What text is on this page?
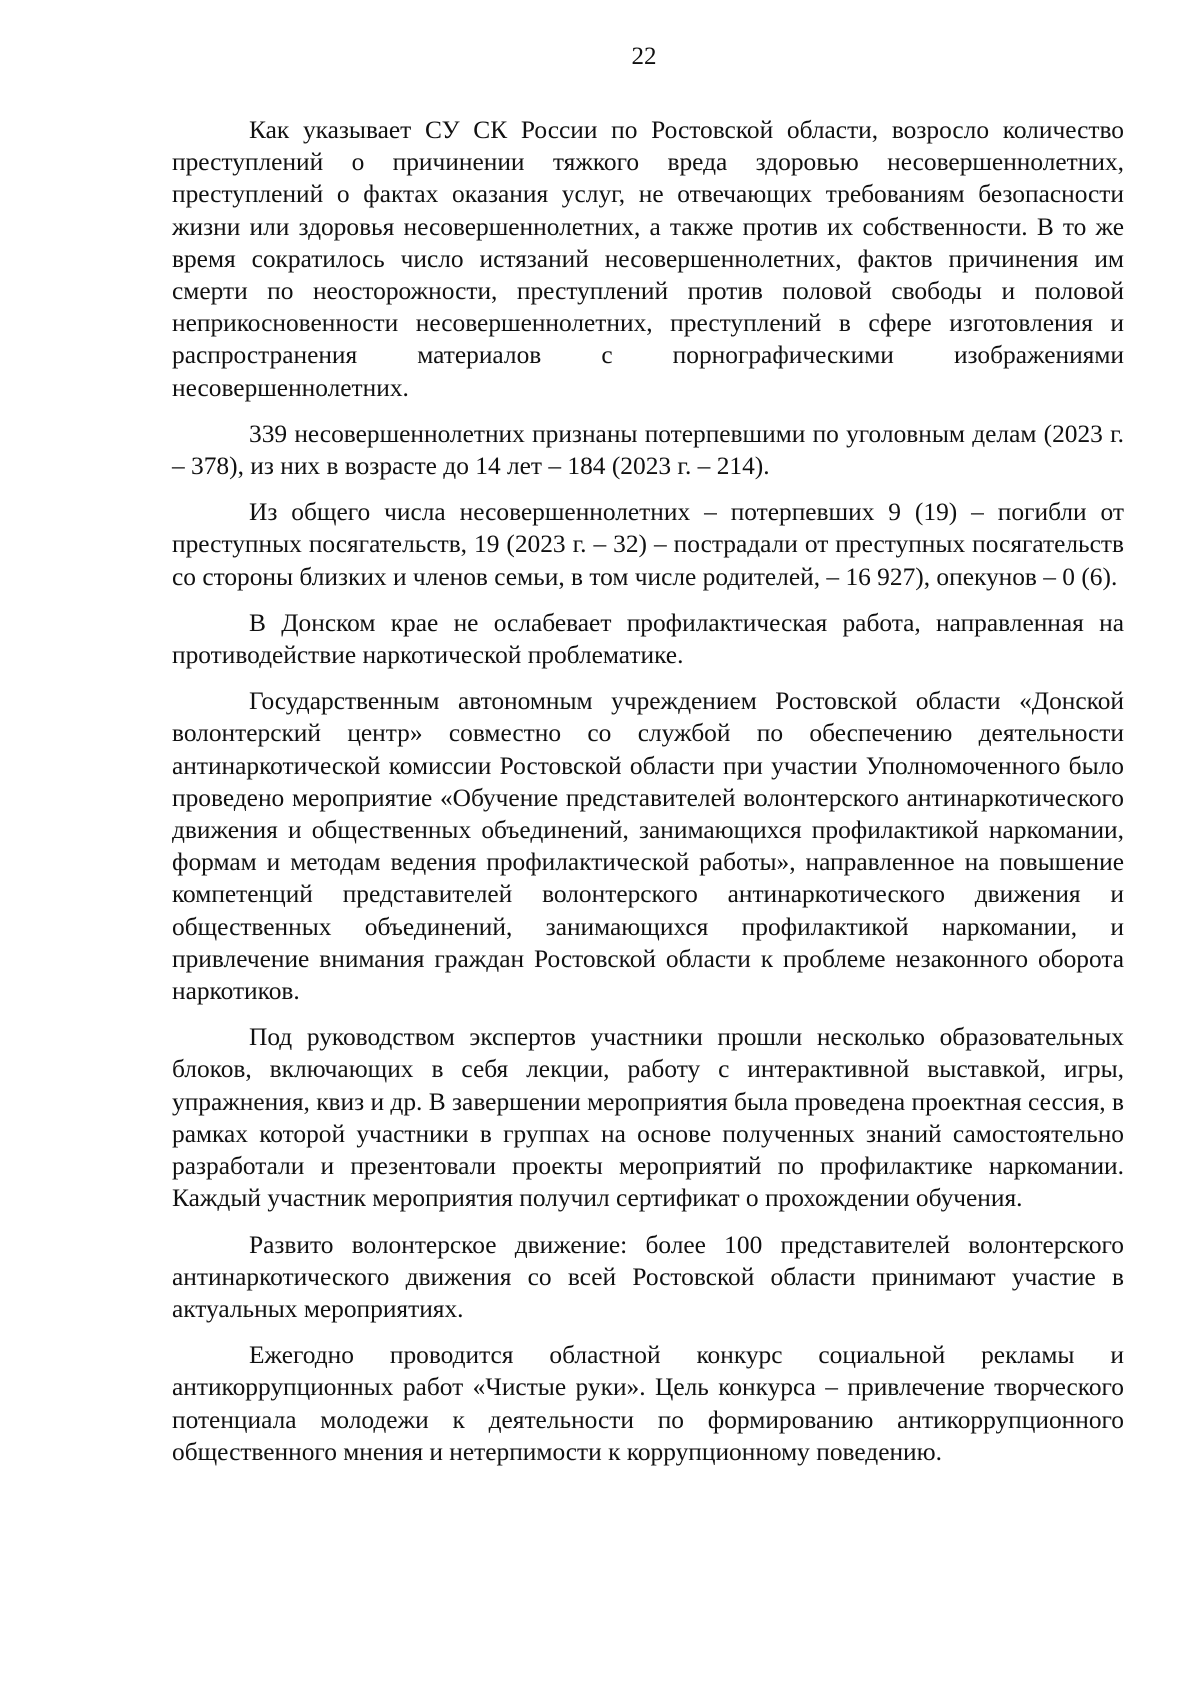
22

Как указывает СУ СК России по Ростовской области, возросло количество преступлений о причинении тяжкого вреда здоровью несовершеннолетних, преступлений о фактах оказания услуг, не отвечающих требованиям безопасности жизни или здоровья несовершеннолетних, а также против их собственности. В то же время сократилось число истязаний несовершеннолетних, фактов причинения им смерти по неосторожности, преступлений против половой свободы и половой неприкосновенности несовершеннолетних, преступлений в сфере изготовления и распространения материалов с порнографическими изображениями несовершеннолетних.

339 несовершеннолетних признаны потерпевшими по уголовным делам (2023 г. – 378), из них в возрасте до 14 лет – 184 (2023 г. – 214).

Из общего числа несовершеннолетних – потерпевших 9 (19) – погибли от преступных посягательств, 19 (2023 г. – 32) – пострадали от преступных посягательств со стороны близких и членов семьи, в том числе родителей, – 16 927), опекунов – 0 (6).

В Донском крае не ослабевает профилактическая работа, направленная на противодействие наркотической проблематике.

Государственным автономным учреждением Ростовской области «Донской волонтерский центр» совместно со службой по обеспечению деятельности антинаркотической комиссии Ростовской области при участии Уполномоченного было проведено мероприятие «Обучение представителей волонтерского антинаркотического движения и общественных объединений, занимающихся профилактикой наркомании, формам и методам ведения профилактической работы», направленное на повышение компетенций представителей волонтерского антинаркотического движения и общественных объединений, занимающихся профилактикой наркомании, и привлечение внимания граждан Ростовской области к проблеме незаконного оборота наркотиков.

Под руководством экспертов участники прошли несколько образовательных блоков, включающих в себя лекции, работу с интерактивной выставкой, игры, упражнения, квиз и др. В завершении мероприятия была проведена проектная сессия, в рамках которой участники в группах на основе полученных знаний самостоятельно разработали и презентовали проекты мероприятий по профилактике наркомании. Каждый участник мероприятия получил сертификат о прохождении обучения.

Развито волонтерское движение: более 100 представителей волонтерского антинаркотического движения со всей Ростовской области принимают участие в актуальных мероприятиях.

Ежегодно проводится областной конкурс социальной рекламы и антикоррупционных работ «Чистые руки». Цель конкурса – привлечение творческого потенциала молодежи к деятельности по формированию антикоррупционного общественного мнения и нетерпимости к коррупционному поведению.
